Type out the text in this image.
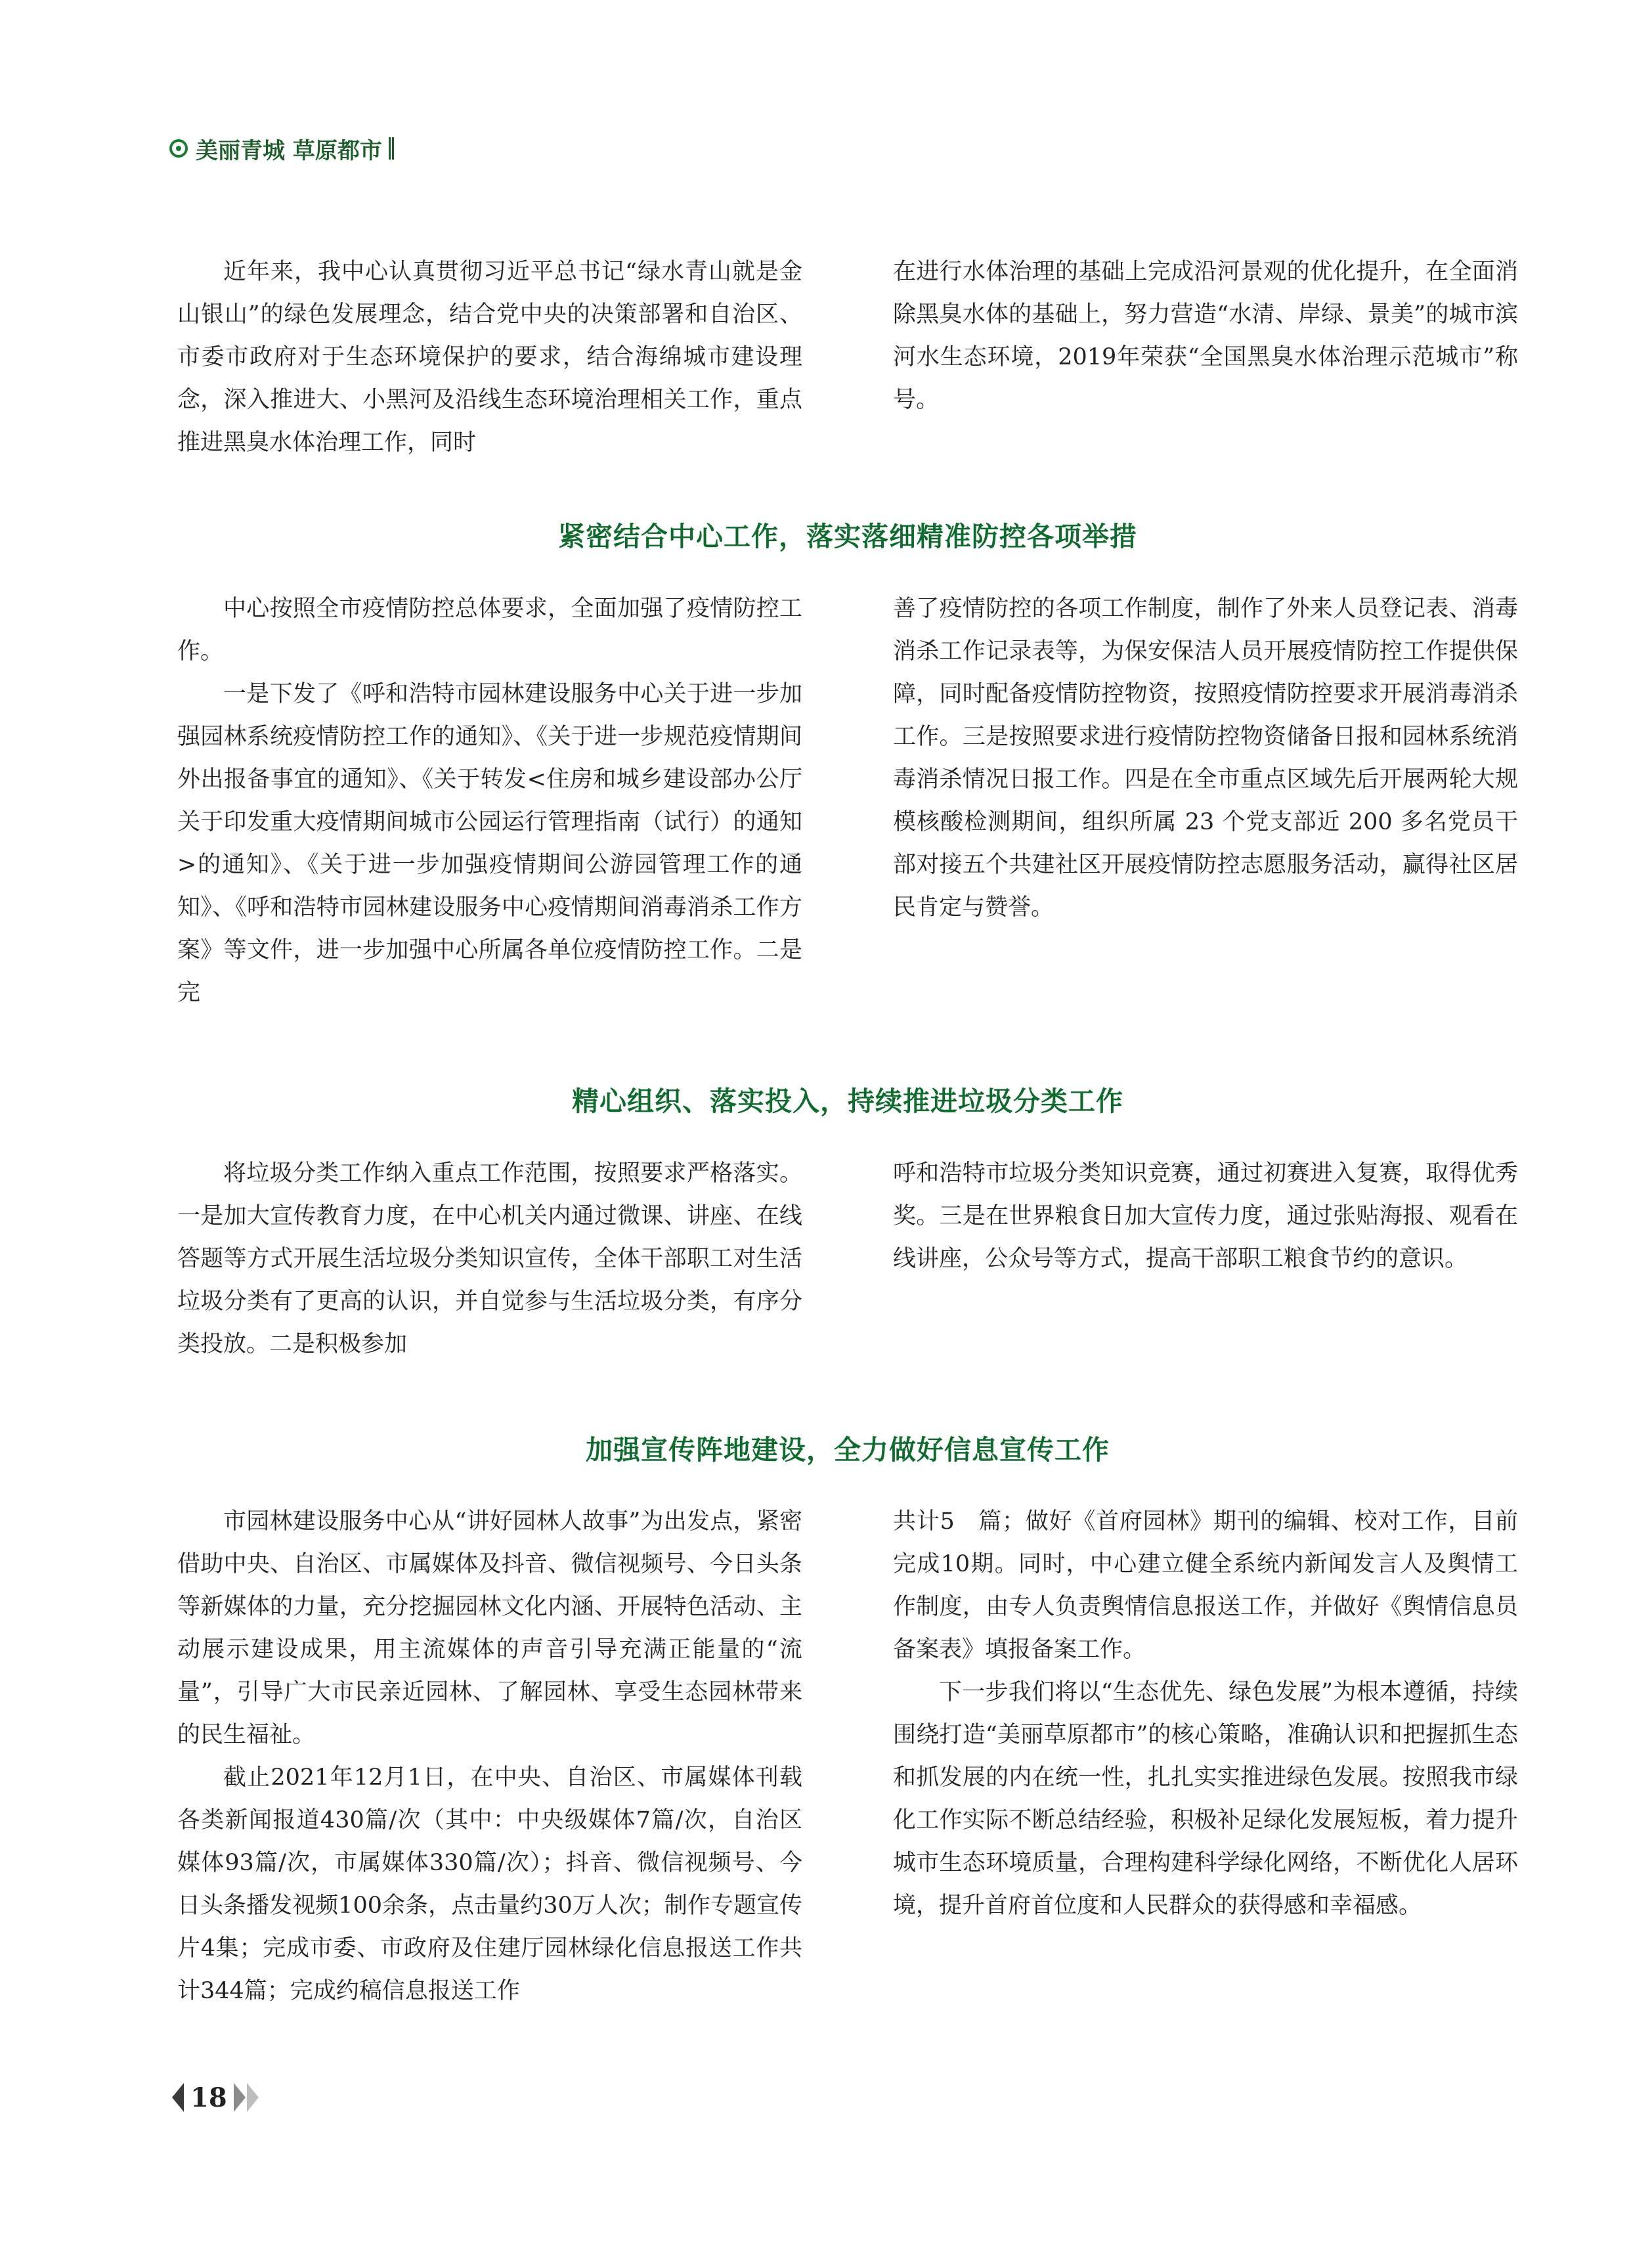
美丽青城 草原都市

近年来，我中心认真贯彻习近平总书记“绿水青山就是金山银山”的绿色发展理念，结合党中央的决策部署和自治区、市委市政府对于生态环境保护的要求，结合海绵城市建设理念，深入推进大、小黑河及沿线生态环境治理相关工作，重点推进黑臭水体治理工作，同时

在进行水体治理的基础上完成沿河景观的优化提升，在全面消除黑臭水体的基础上，努力营造“水清、岸绿、景美”的城市滨河水生态环境，2019年荣获“全国黑臭水体治理示范城市”称号。

紧密结合中心工作，落实落细精准防控各项举措

中心按照全市疫情防控总体要求，全面加强了疫情防控工作。

一是下发了《呼和浩特市园林建设服务中心关于进一步加强园林系统疫情防控工作的通知》、《关于进一步规范疫情期间外出报备事宜的通知》、《关于转发<住房和城乡建设部办公厅关于印发重大疫情期间城市公园运行管理指南（试行）的通知>的通知》、《关于进一步加强疫情期间公游园管理工作的通知》、《呼和浩特市园林建设服务中心疫情期间消毒消杀工作方案》等文件，进一步加强中心所属各单位疫情防控工作。二是完

善了疫情防控的各项工作制度，制作了外来人员登记表、消毒消杀工作记录表等，为保安保洁人员开展疫情防控工作提供保障，同时配备疫情防控物资，按照疫情防控要求开展消毒消杀工作。三是按照要求进行疫情防控物资储备日报和园林系统消毒消杀情况日报工作。四是在全市重点区域先后开展两轮大规模核酸检测期间，组织所属 23 个党支部近 200 多名党员干部对接五个共建社区开展疫情防控志愿服务活动，赢得社区居民肯定与赞誉。

精心组织、落实投入，持续推进垃圾分类工作

将垃圾分类工作纳入重点工作范围，按照要求严格落实。一是加大宣传教育力度，在中心机关内通过微课、讲座、在线答题等方式开展生活垃圾分类知识宣传，全体干部职工对生活垃圾分类有了更高的认识，并自觉参与生活垃圾分类，有序分类投放。二是积极参加

呼和浩特市垃圾分类知识竞赛，通过初赛进入复赛，取得优秀奖。三是在世界粮食日加大宣传力度，通过张贴海报、观看在线讲座，公众号等方式，提高干部职工粮食节约的意识。

加强宣传阵地建设，全力做好信息宣传工作

市园林建设服务中心从“讲好园林人故事”为出发点，紧密借助中央、自治区、市属媒体及抖音、微信视频号、今日头条等新媒体的力量，充分挖掘园林文化内涵、开展特色活动、主动展示建设成果，用主流媒体的声音引导充满正能量的“流量”，引导广大市民亲近园林、了解园林、享受生态园林带来的民生福祉。

截止2021年12月1日，在中央、自治区、市属媒体刊载各类新闻报道430篇/次（其中：中央级媒体7篇/次，自治区媒体93篇/次，市属媒体330篇/次）；抖音、微信视频号、今日头条播发视频100余条，点击量约30万人次；制作专题宣传片4集；完成市委、市政府及住建厅园林绿化信息报送工作共计344篇；完成约稿信息报送工作

共计5　篇；做好《首府园林》期刊的编辑、校对工作，目前完成10期。同时，中心建立健全系统内新闻发言人及舆情工作制度，由专人负责舆情信息报送工作，并做好《舆情信息员备案表》填报备案工作。

下一步我们将以“生态优先、绿色发展”为根本遵循，持续围绕打造“美丽草原都市”的核心策略，准确认识和把握抓生态和抓发展的内在统一性，扎扎实实推进绿色发展。按照我市绿化工作实际不断总结经验，积极补足绿化发展短板，着力提升城市生态环境质量，合理构建科学绿化网络，不断优化人居环境，提升首府首位度和人民群众的获得感和幸福感。

18
